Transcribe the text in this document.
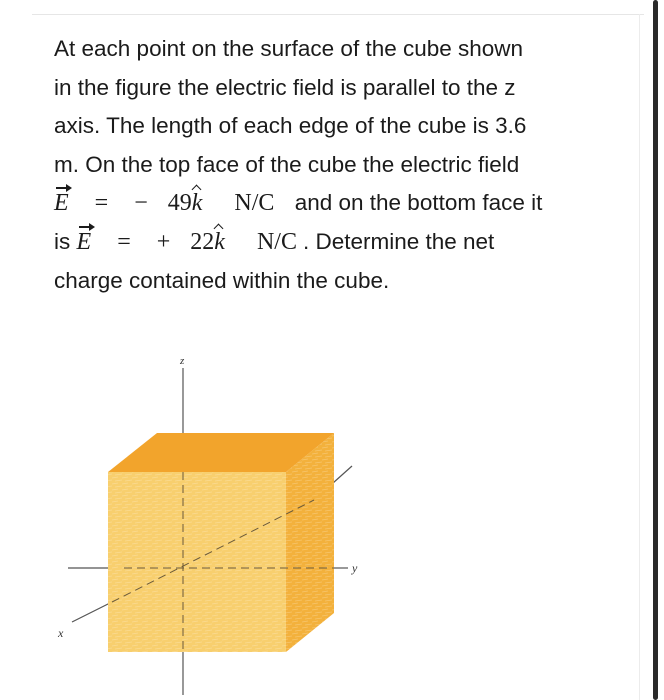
At each point on the surface of the cube shown
in the figure the electric field is parallel to the z
axis. The length of each edge of the cube is 3.6
m. On the top face of the cube the electric field
E = − 49k N/C and on the bottom face it
is E = + 22k N/C . Determine the net
charge contained within the cube.
z
y
x
